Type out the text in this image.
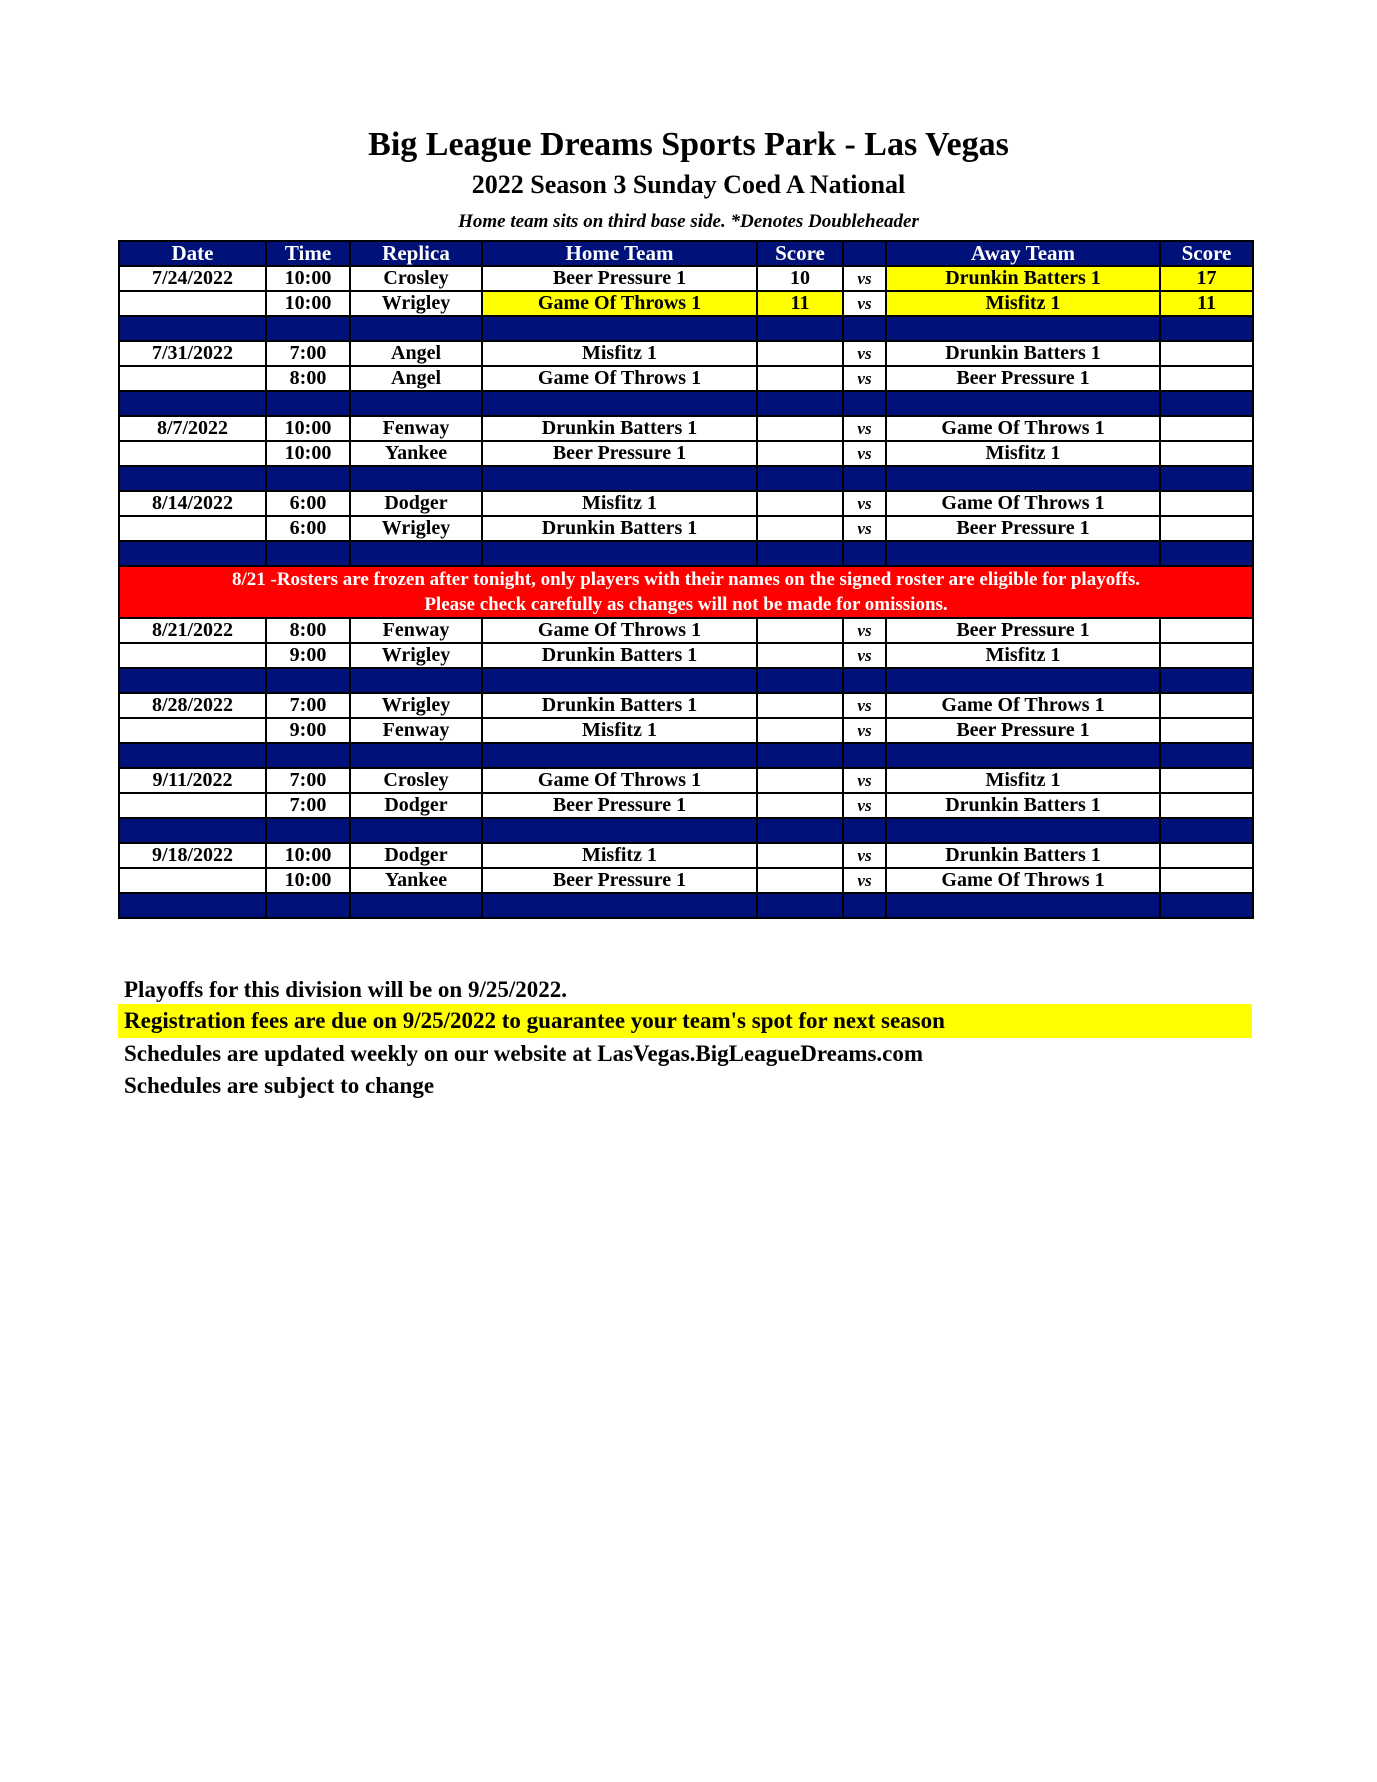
Big League Dreams Sports Park - Las Vegas
2022 Season 3 Sunday Coed A National
Home team sits on third base side. *Denotes Doubleheader
Date	Time	Replica	Home Team	Score		Away Team	Score
7/24/2022	10:00	Crosley	Beer Pressure 1	10	vs	Drunkin Batters 1	17
	10:00	Wrigley	Game Of Throws 1	11	vs	Misfitz 1	11

7/31/2022	7:00	Angel	Misfitz 1		vs	Drunkin Batters 1	
	8:00	Angel	Game Of Throws 1		vs	Beer Pressure 1	

8/7/2022	10:00	Fenway	Drunkin Batters 1		vs	Game Of Throws 1	
	10:00	Yankee	Beer Pressure 1		vs	Misfitz 1	

8/14/2022	6:00	Dodger	Misfitz 1		vs	Game Of Throws 1	
	6:00	Wrigley	Drunkin Batters 1		vs	Beer Pressure 1	

8/21 -Rosters are frozen after tonight, only players with their names on the signed roster are eligible for playoffs.
Please check carefully as changes will not be made for omissions.							
8/21/2022	8:00	Fenway	Game Of Throws 1		vs	Beer Pressure 1	
	9:00	Wrigley	Drunkin Batters 1		vs	Misfitz 1	

8/28/2022	7:00	Wrigley	Drunkin Batters 1		vs	Game Of Throws 1	
	9:00	Fenway	Misfitz 1		vs	Beer Pressure 1	

9/11/2022	7:00	Crosley	Game Of Throws 1		vs	Misfitz 1	
	7:00	Dodger	Beer Pressure 1		vs	Drunkin Batters 1	

9/18/2022	10:00	Dodger	Misfitz 1		vs	Drunkin Batters 1	
	10:00	Yankee	Beer Pressure 1		vs	Game Of Throws 1	

Playoffs for this division will be on 9/25/2022.
Registration fees are due on 9/25/2022 to guarantee your team's spot for next season
Schedules are updated weekly on our website at LasVegas.BigLeagueDreams.com
Schedules are subject to change
